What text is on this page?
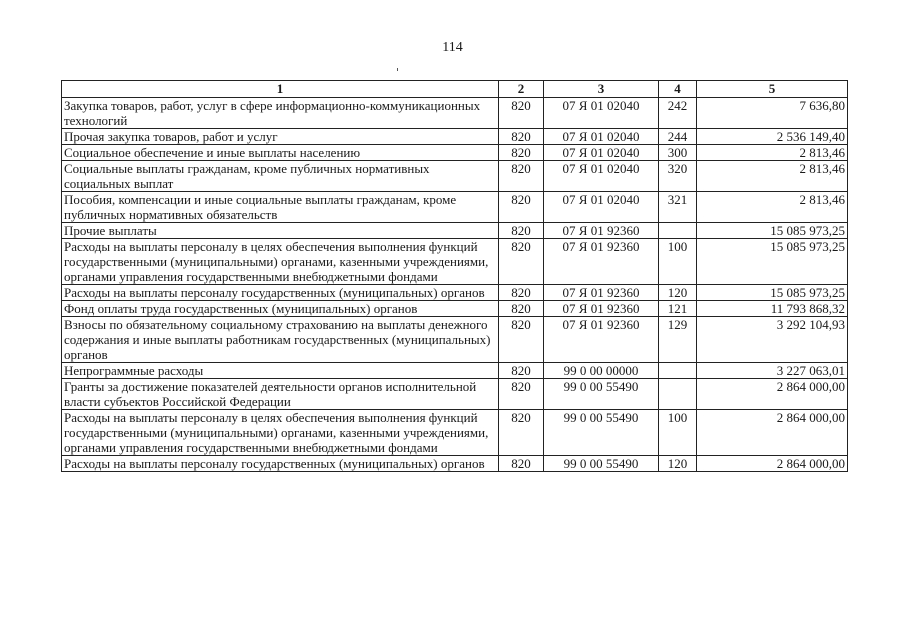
114
1	2	3	4	5
Закупка товаров, работ, услуг в сфере информационно-коммуникационных технологий	820	07 Я 01 02040	242	7 636,80
Прочая закупка товаров, работ и услуг	820	07 Я 01 02040	244	2 536 149,40
Социальное обеспечение и иные выплаты населению	820	07 Я 01 02040	300	2 813,46
Социальные выплаты гражданам, кроме публичных нормативных социальных выплат	820	07 Я 01 02040	320	2 813,46
Пособия, компенсации и иные социальные выплаты гражданам, кроме публичных нормативных обязательств	820	07 Я 01 02040	321	2 813,46
Прочие выплаты	820	07 Я 01 92360		15 085 973,25
Расходы на выплаты персоналу в целях обеспечения выполнения функций государственными (муниципальными) органами, казенными учреждениями, органами управления государственными внебюджетными фондами	820	07 Я 01 92360	100	15 085 973,25
Расходы на выплаты персоналу государственных (муниципальных) органов	820	07 Я 01 92360	120	15 085 973,25
Фонд оплаты труда государственных (муниципальных) органов	820	07 Я 01 92360	121	11 793 868,32
Взносы по обязательному социальному страхованию на выплаты денежного содержания и иные выплаты работникам государственных (муниципальных) органов	820	07 Я 01 92360	129	3 292 104,93
Непрограммные расходы	820	99 0 00 00000		3 227 063,01
Гранты за достижение показателей деятельности органов исполнительной власти субъектов Российской Федерации	820	99 0 00 55490		2 864 000,00
Расходы на выплаты персоналу в целях обеспечения выполнения функций государственными (муниципальными) органами, казенными учреждениями, органами управления государственными внебюджетными фондами	820	99 0 00 55490	100	2 864 000,00
Расходы на выплаты персоналу государственных (муниципальных) органов	820	99 0 00 55490	120	2 864 000,00
